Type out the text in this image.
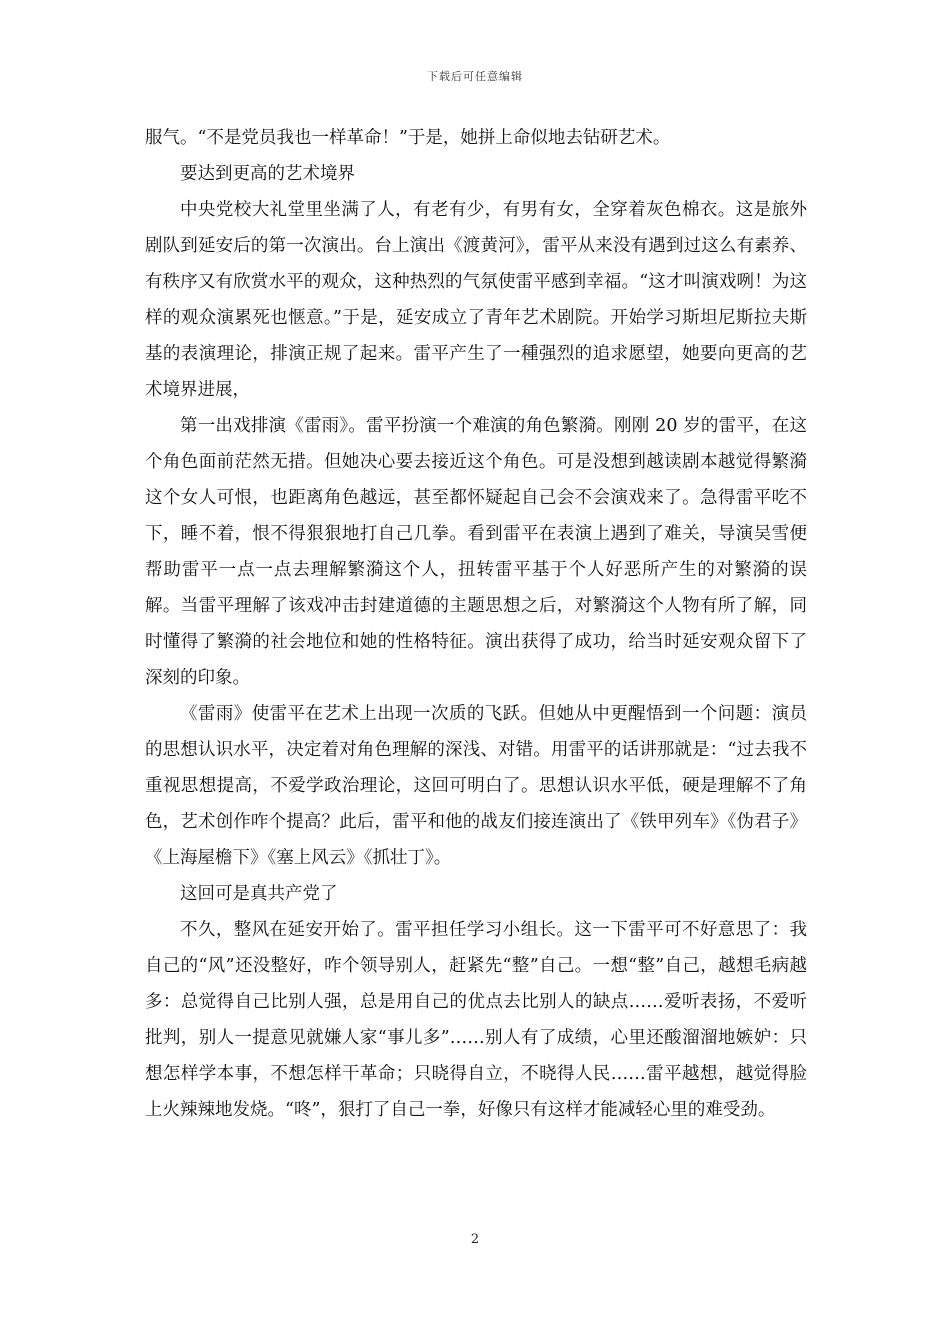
下载后可任意编辑

服气。“不是党员我也一样革命！”于是，她拼上命似地去钻研艺术。

要达到更高的艺术境界

中央党校大礼堂里坐满了人，有老有少，有男有女，全穿着灰色棉衣。这是旅外剧队到延安后的第一次演出。台上演出《渡黄河》，雷平从来没有遇到过这么有素养、有秩序又有欣赏水平的观众，这种热烈的气氛使雷平感到幸福。“这才叫演戏咧！为这样的观众演累死也惬意。”于是，延安成立了青年艺术剧院。开始学习斯坦尼斯拉夫斯基的表演理论，排演正规了起来。雷平产生了一種强烈的追求愿望，她要向更高的艺术境界进展，

第一出戏排演《雷雨》。雷平扮演一个难演的角色繁漪。刚刚 20 岁的雷平，在这个角色面前茫然无措。但她决心要去接近这个角色。可是没想到越读剧本越觉得繁漪这个女人可恨，也距离角色越远，甚至都怀疑起自己会不会演戏来了。急得雷平吃不下，睡不着，恨不得狠狠地打自己几拳。看到雷平在表演上遇到了难关，导演吴雪便帮助雷平一点一点去理解繁漪这个人，扭转雷平基于个人好恶所产生的对繁漪的误解。当雷平理解了该戏冲击封建道德的主题思想之后，对繁漪这个人物有所了解，同时懂得了繁漪的社会地位和她的性格特征。演出获得了成功，给当时延安观众留下了深刻的印象。

《雷雨》使雷平在艺术上出现一次质的飞跃。但她从中更醒悟到一个问题：演员的思想认识水平，决定着对角色理解的深浅、对错。用雷平的话讲那就是：“过去我不重视思想提高，不爱学政治理论，这回可明白了。思想认识水平低，硬是理解不了角色，艺术创作咋个提高？此后，雷平和他的战友们接连演出了《铁甲列车》《伪君子》《上海屋檐下》《塞上风云》《抓壮丁》。

这回可是真共产党了

不久，整风在延安开始了。雷平担任学习小组长。这一下雷平可不好意思了：我自己的“风”还没整好，咋个领导别人，赶紧先“整”自己。一想“整”自己，越想毛病越多：总觉得自己比别人强，总是用自己的优点去比别人的缺点……爱听表扬，不爱听批判，别人一提意见就嫌人家“事儿多”……别人有了成绩，心里还酸溜溜地嫉妒：只想怎样学本事，不想怎样干革命；只晓得自立，不晓得人民……雷平越想，越觉得脸上火辣辣地发烧。“咚”，狠打了自己一拳，好像只有这样才能减轻心里的难受劲。

2
